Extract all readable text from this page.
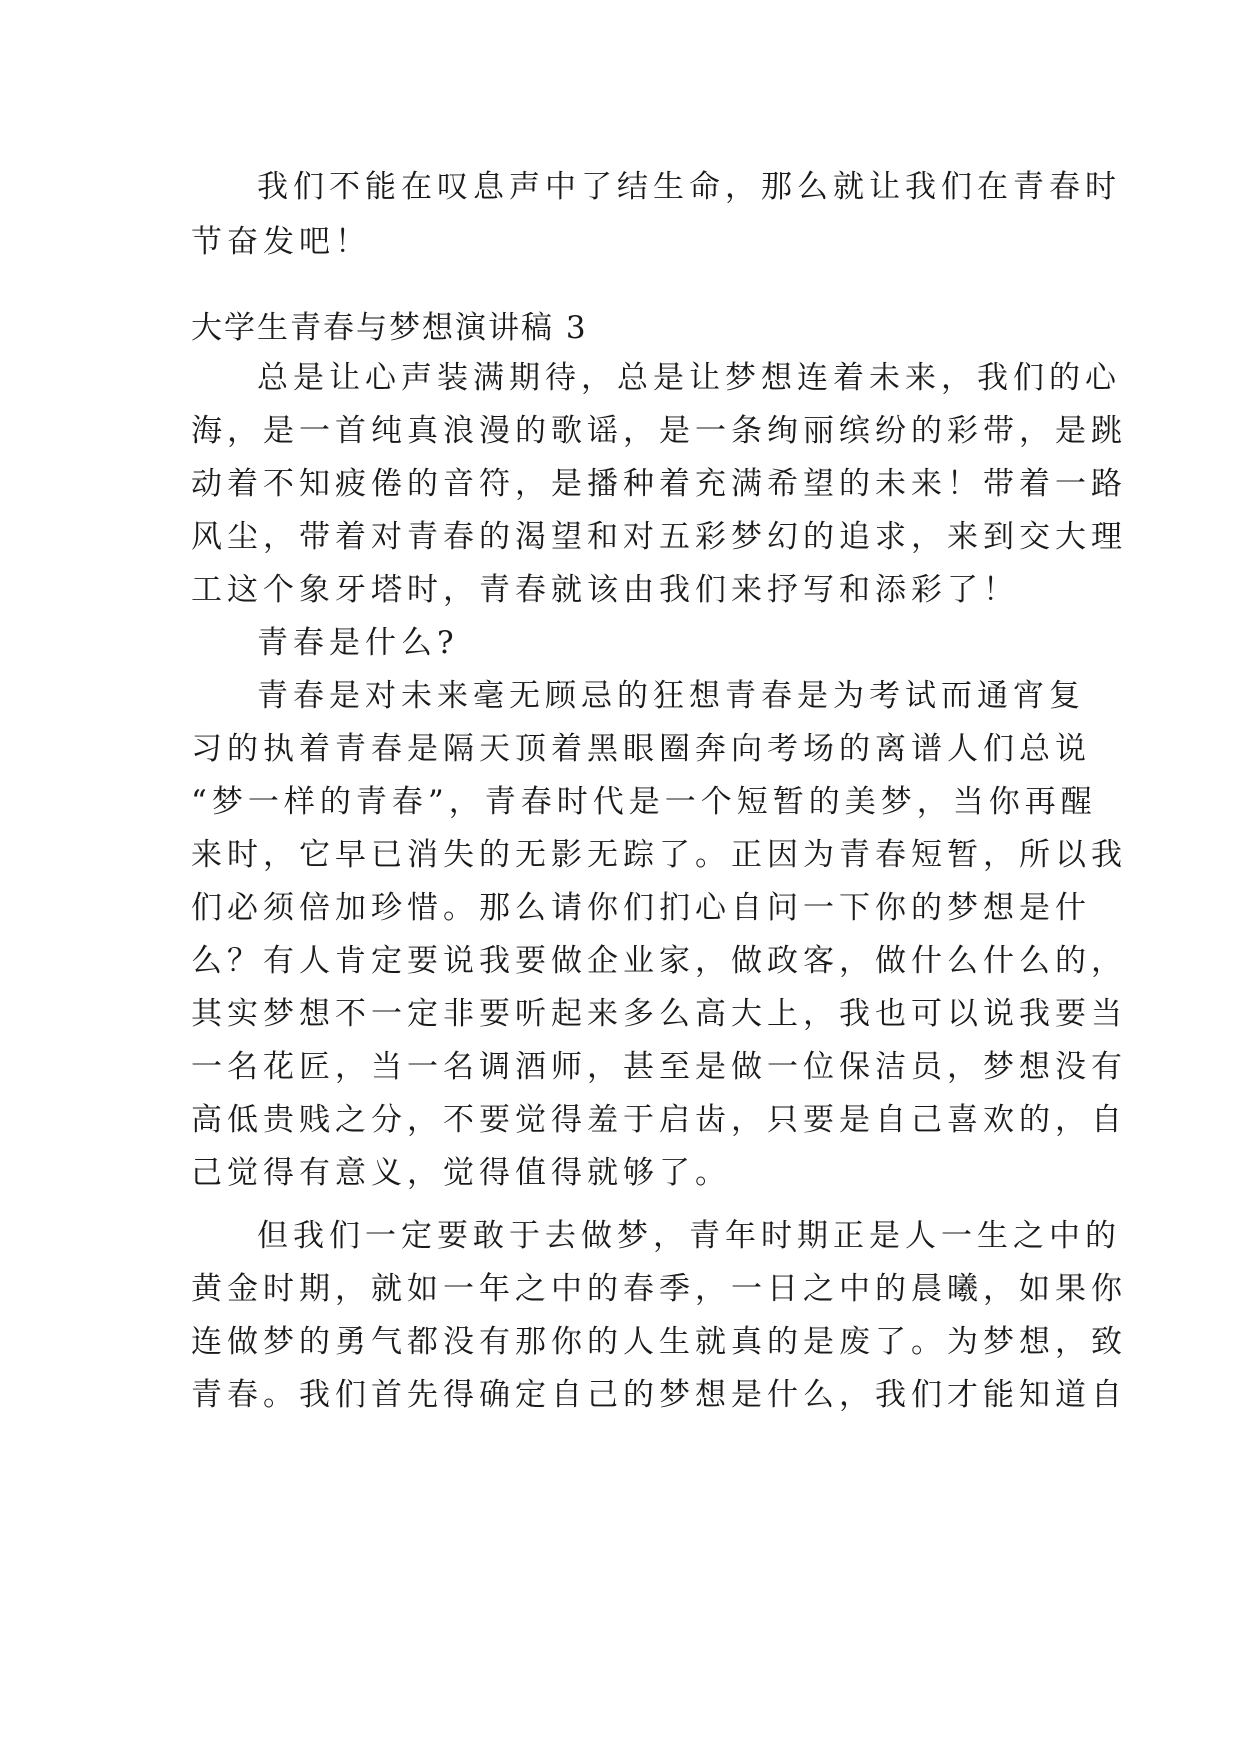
我们不能在叹息声中了结生命，那么就让我们在青春时
节奋发吧！
大学生青春与梦想演讲稿 3
总是让心声装满期待，总是让梦想连着未来，我们的心
海，是一首纯真浪漫的歌谣，是一条绚丽缤纷的彩带，是跳
动着不知疲倦的音符，是播种着充满希望的未来！带着一路
风尘，带着对青春的渴望和对五彩梦幻的追求，来到交大理
工这个象牙塔时，青春就该由我们来抒写和添彩了！
青春是什么?
青春是对未来毫无顾忌的狂想青春是为考试而通宵复
习的执着青春是隔天顶着黑眼圈奔向考场的离谱人们总说
“梦一样的青春”，青春时代是一个短暂的美梦，当你再醒
来时，它早已消失的无影无踪了。正因为青春短暂，所以我
们必须倍加珍惜。那么请你们扪心自问一下你的梦想是什
么？有人肯定要说我要做企业家，做政客，做什么什么的，
其实梦想不一定非要听起来多么高大上，我也可以说我要当
一名花匠，当一名调酒师，甚至是做一位保洁员，梦想没有
高低贵贱之分，不要觉得羞于启齿，只要是自己喜欢的，自
己觉得有意义，觉得值得就够了。
但我们一定要敢于去做梦，青年时期正是人一生之中的
黄金时期，就如一年之中的春季，一日之中的晨曦，如果你
连做梦的勇气都没有那你的人生就真的是废了。为梦想，致
青春。我们首先得确定自己的梦想是什么，我们才能知道自
